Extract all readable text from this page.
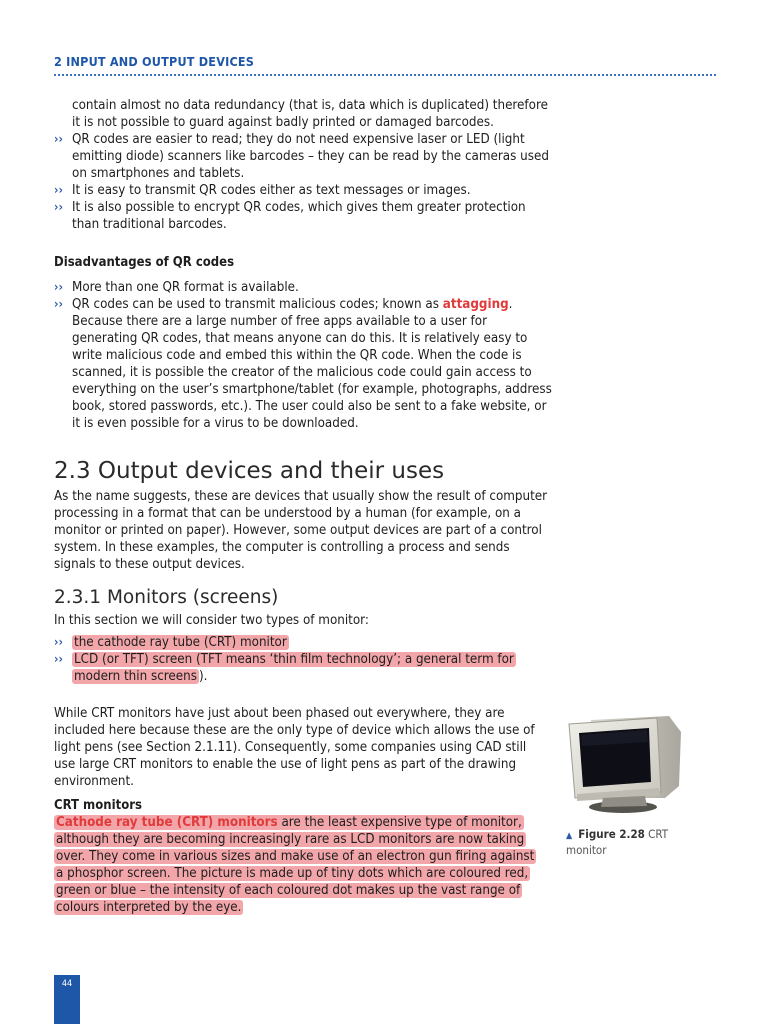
2 INPUT AND OUTPUT DEVICES

contain almost no data redundancy (that is, data which is duplicated) therefore it is not possible to guard against badly printed or damaged barcodes.

›› QR codes are easier to read; they do not need expensive laser or LED (light emitting diode) scanners like barcodes – they can be read by the cameras used on smartphones and tablets.
›› It is easy to transmit QR codes either as text messages or images.
›› It is also possible to encrypt QR codes, which gives them greater protection than traditional barcodes.

Disadvantages of QR codes

›› More than one QR format is available.
›› QR codes can be used to transmit malicious codes; known as attagging. Because there are a large number of free apps available to a user for generating QR codes, that means anyone can do this. It is relatively easy to write malicious code and embed this within the QR code. When the code is scanned, it is possible the creator of the malicious code could gain access to everything on the user’s smartphone/tablet (for example, photographs, address book, stored passwords, etc.). The user could also be sent to a fake website, or it is even possible for a virus to be downloaded.
2.3 Output devices and their uses

As the name suggests, these are devices that usually show the result of computer processing in a format that can be understood by a human (for example, on a monitor or printed on paper). However, some output devices are part of a control system. In these examples, the computer is controlling a process and sends signals to these output devices.

2.3.1 Monitors (screens)

In this section we will consider two types of monitor:

›› the cathode ray tube (CRT) monitor
›› LCD (or TFT) screen (TFT means ‘thin film technology’; a general term for modern thin screens ).

While CRT monitors have just about been phased out everywhere, they are included here because these are the only type of device which allows the use of light pens (see Section 2.1.11). Consequently, some companies using CAD still use large CRT monitors to enable the use of light pens as part of the drawing environment.

CRT monitors

Cathode ray tube (CRT) monitors are the least expensive type of monitor, although they are becoming increasingly rare as LCD monitors are now taking over. They come in various sizes and make use of an electron gun firing against a phosphor screen. The picture is made up of tiny dots which are coloured red, green or blue – the intensity of each coloured dot makes up the vast range of colours interpreted by the eye.

▲ Figure 2.28 CRT monitor
44
